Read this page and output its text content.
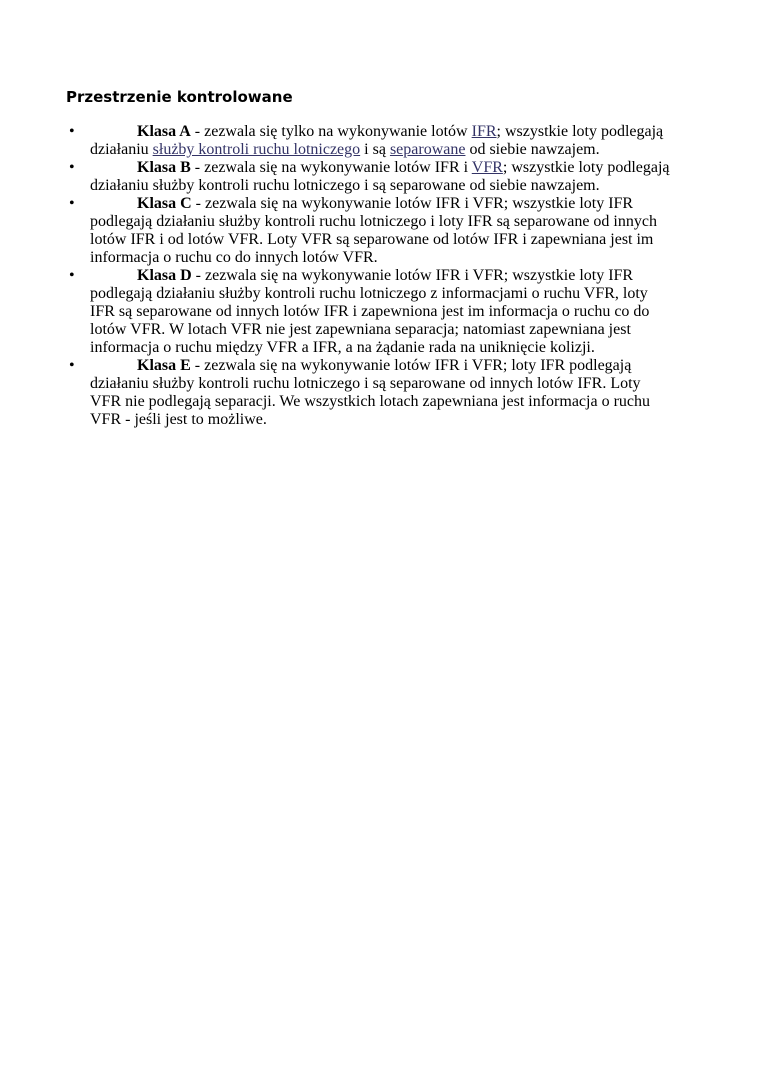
Przestrzenie kontrolowane
•	Klasa A - zezwala się tylko na wykonywanie lotów IFR; wszystkie loty podlegają działaniu służby kontroli ruchu lotniczego i są separowane od siebie nawzajem.
•	Klasa B - zezwala się na wykonywanie lotów IFR i VFR; wszystkie loty podlegają działaniu służby kontroli ruchu lotniczego i są separowane od siebie nawzajem.
•	Klasa C - zezwala się na wykonywanie lotów IFR i VFR; wszystkie loty IFR podlegają działaniu służby kontroli ruchu lotniczego i loty IFR są separowane od innych lotów IFR i od lotów VFR. Loty VFR są separowane od lotów IFR i zapewniana jest im informacja o ruchu co do innych lotów VFR.
•	Klasa D - zezwala się na wykonywanie lotów IFR i VFR; wszystkie loty IFR podlegają działaniu służby kontroli ruchu lotniczego z informacjami o ruchu VFR, loty IFR są separowane od innych lotów IFR i zapewniona jest im informacja o ruchu co do lotów VFR. W lotach VFR nie jest zapewniana separacja; natomiast zapewniana jest informacja o ruchu między VFR a IFR, a na żądanie rada na uniknięcie kolizji.
•	Klasa E - zezwala się na wykonywanie lotów IFR i VFR; loty IFR podlegają działaniu służby kontroli ruchu lotniczego i są separowane od innych lotów IFR. Loty VFR nie podlegają separacji. We wszystkich lotach zapewniana jest informacja o ruchu VFR - jeśli jest to możliwe.
